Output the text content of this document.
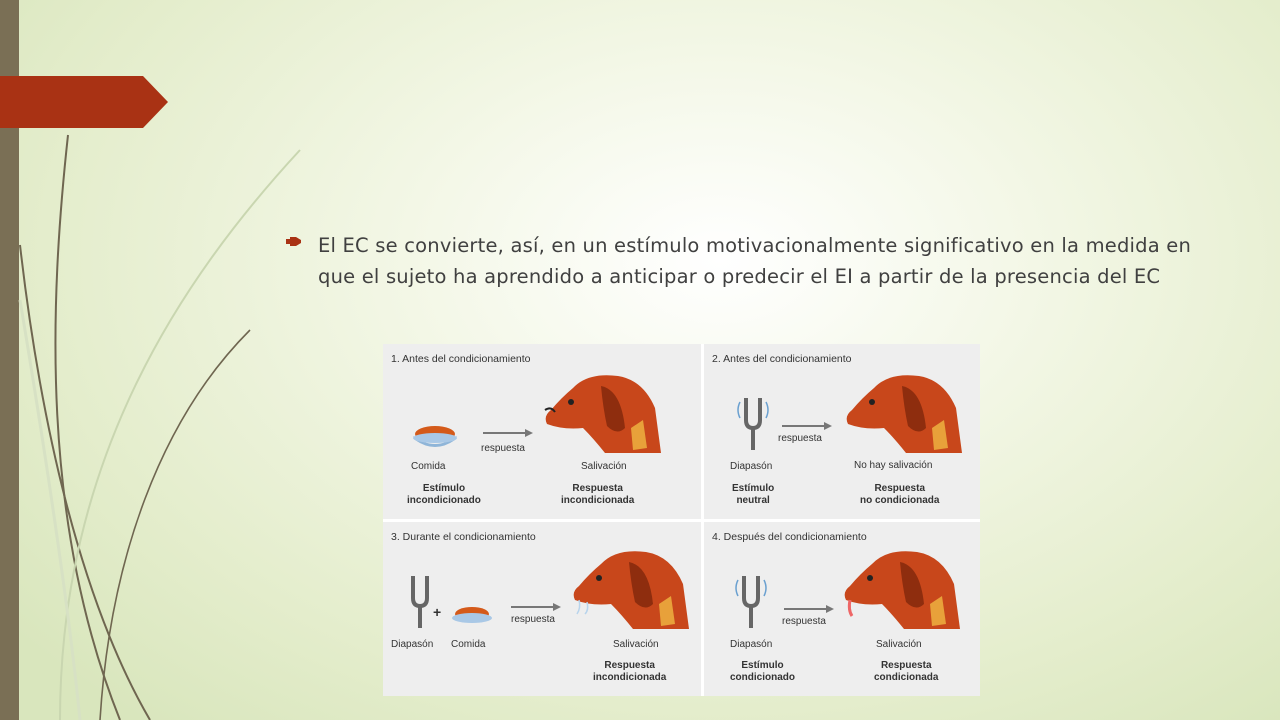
El EC se convierte, así, en un estímulo motivacionalmente significativo en la medida en que el sujeto ha aprendido a anticipar o predecir el EI a partir de la presencia del EC
1. Antes del condicionamiento
Comida
respuesta
Salivación
Estímulo
incondicionado
Respuesta
incondicionada
2. Antes del condicionamiento
Diapasón
respuesta
No hay salivación
Estímulo
neutral
Respuesta
no condicionada
3. Durante el condicionamiento
+
Diapasón Comida
respuesta
Salivación
Respuesta
incondicionada
4. Después del condicionamiento
Diapasón
respuesta
Salivación
Estímulo
condicionado
Respuesta
condicionada
